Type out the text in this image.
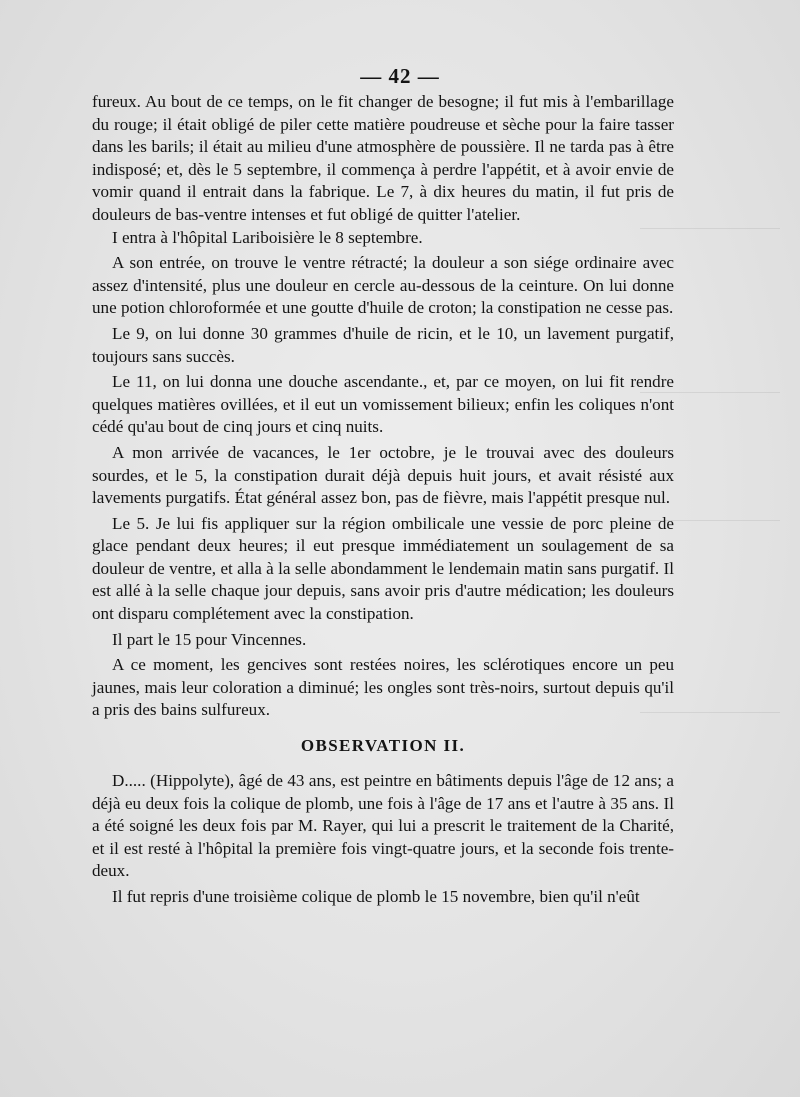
— 42 —

fureux. Au bout de ce temps, on le fit changer de besogne; il fut mis à l'embarillage du rouge; il était obligé de piler cette matière poudreuse et sèche pour la faire tasser dans les barils; il était au milieu d'une atmosphère de poussière. Il ne tarda pas à être indisposé; et, dès le 5 septembre, il commença à perdre l'appétit, et à avoir envie de vomir quand il entrait dans la fabrique. Le 7, à dix heures du matin, il fut pris de douleurs de bas-ventre intenses et fut obligé de quitter l'atelier.

I entra à l'hôpital Lariboisière le 8 septembre.

A son entrée, on trouve le ventre rétracté; la douleur a son siége ordinaire avec assez d'intensité, plus une douleur en cercle au-dessous de la ceinture. On lui donne une potion chloroformée et une goutte d'huile de croton; la constipation ne cesse pas.

Le 9, on lui donne 30 grammes d'huile de ricin, et le 10, un lavement purgatif, toujours sans succès.

Le 11, on lui donna une douche ascendante., et, par ce moyen, on lui fit rendre quelques matières ovillées, et il eut un vomissement bilieux; enfin les coliques n'ont cédé qu'au bout de cinq jours et cinq nuits.

A mon arrivée de vacances, le 1er octobre, je le trouvai avec des douleurs sourdes, et le 5, la constipation durait déjà depuis huit jours, et avait résisté aux lavements purgatifs. État général assez bon, pas de fièvre, mais l'appétit presque nul.

Le 5. Je lui fis appliquer sur la région ombilicale une vessie de porc pleine de glace pendant deux heures; il eut presque immédiatement un soulagement de sa douleur de ventre, et alla à la selle abondamment le lendemain matin sans purgatif. Il est allé à la selle chaque jour depuis, sans avoir pris d'autre médication; les douleurs ont disparu complétement avec la constipation.

Il part le 15 pour Vincennes.

A ce moment, les gencives sont restées noires, les sclérotiques encore un peu jaunes, mais leur coloration a diminué; les ongles sont très-noirs, surtout depuis qu'il a pris des bains sulfureux.

OBSERVATION II.

D..... (Hippolyte), âgé de 43 ans, est peintre en bâtiments depuis l'âge de 12 ans; a déjà eu deux fois la colique de plomb, une fois à l'âge de 17 ans et l'autre à 35 ans. Il a été soigné les deux fois par M. Rayer, qui lui a prescrit le traitement de la Charité, et il est resté à l'hôpital la première fois vingt-quatre jours, et la seconde fois trente-deux.

Il fut repris d'une troisième colique de plomb le 15 novembre, bien qu'il n'eût
